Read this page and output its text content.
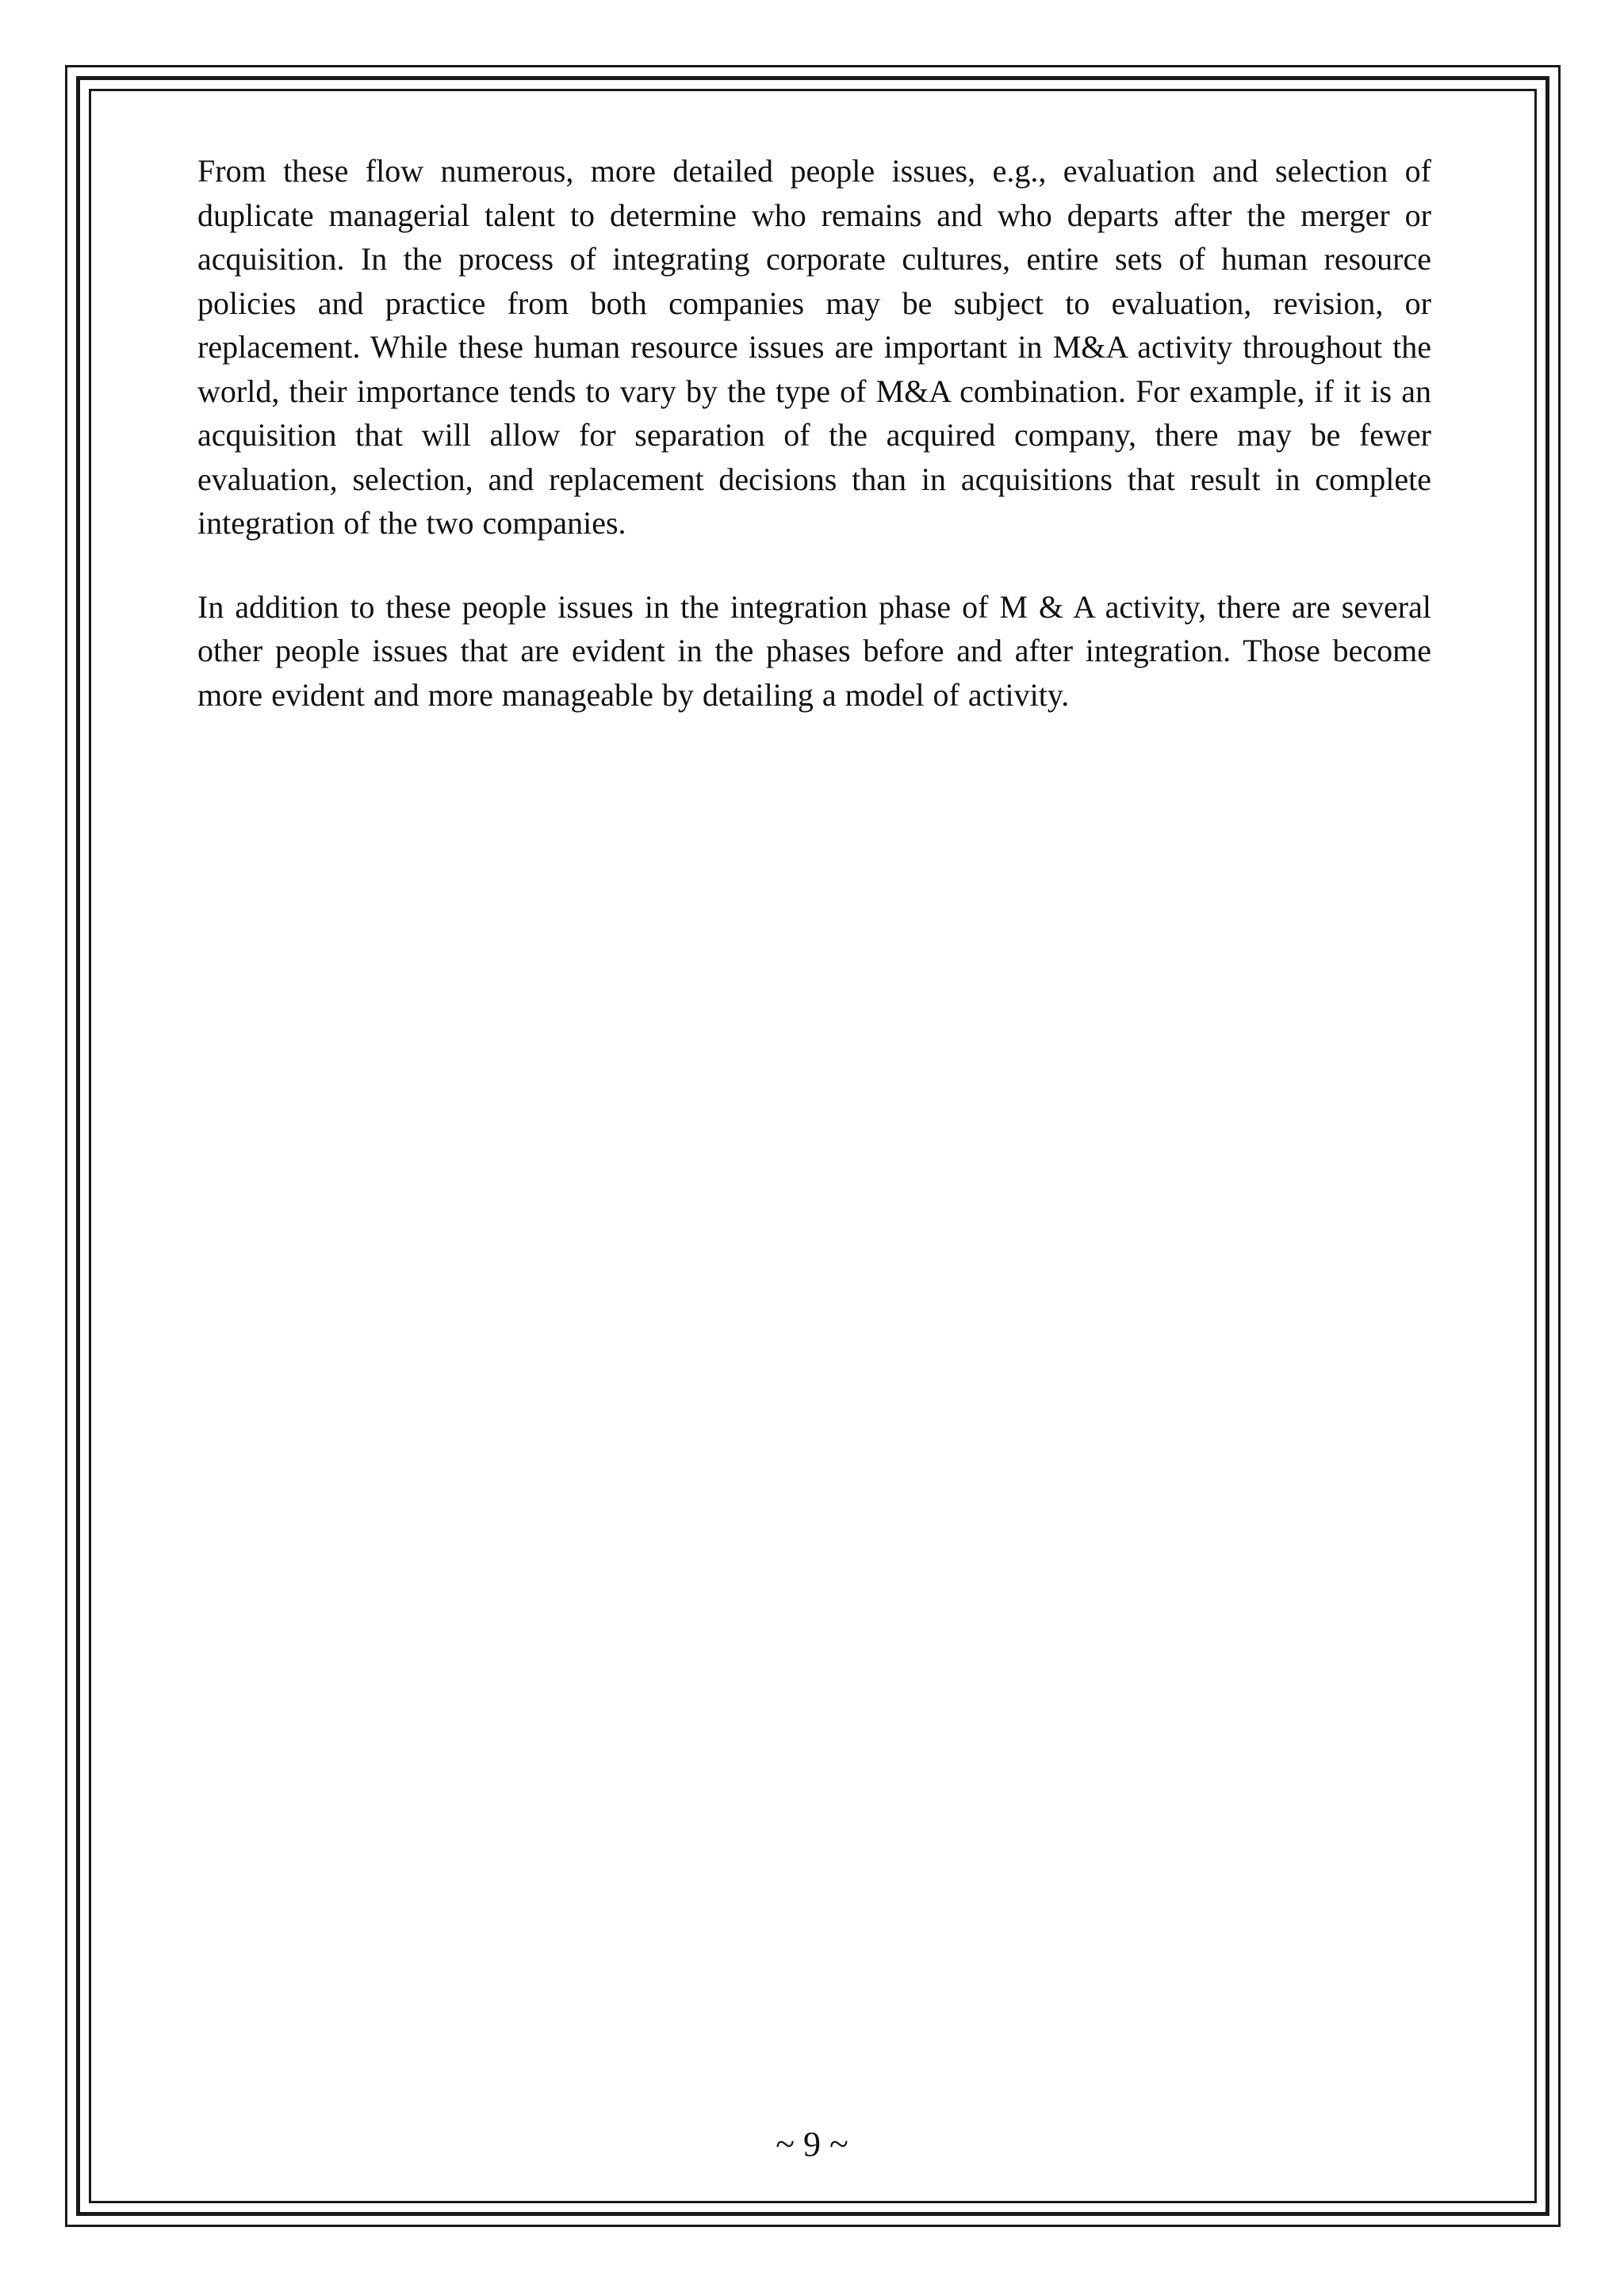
From these flow numerous, more detailed people issues, e.g., evaluation and selection of duplicate managerial talent to determine who remains and who departs after the merger or acquisition. In the process of integrating corporate cultures, entire sets of human resource policies and practice from both companies may be subject to evaluation, revision, or replacement. While these human resource issues are important in M&A activity throughout the world, their importance tends to vary by the type of M&A combination. For example, if it is an acquisition that will allow for separation of the acquired company, there may be fewer evaluation, selection, and replacement decisions than in acquisitions that result in complete integration of the two companies.

In addition to these people issues in the integration phase of M & A activity, there are several other people issues that are evident in the phases before and after integration. Those become more evident and more manageable by detailing a model of activity.

~ 9 ~
